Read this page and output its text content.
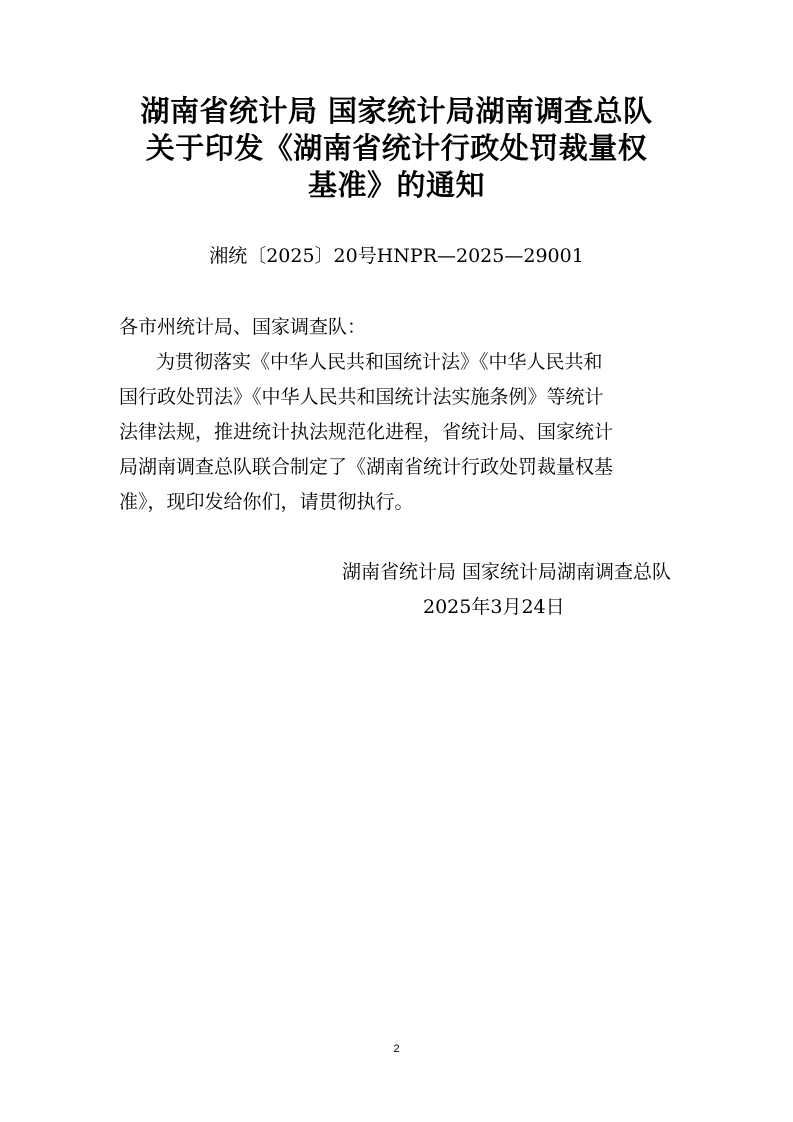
湖南省统计局 国家统计局湖南调查总队
关于印发《湖南省统计行政处罚裁量权
基准》的通知
湘统〔2025〕20号HNPR—2025—29001
各市州统计局、国家调查队：
为贯彻落实《中华人民共和国统计法》《中华人民共和
国行政处罚法》《中华人民共和国统计法实施条例》等统计
法律法规，推进统计执法规范化进程，省统计局、国家统计
局湖南调查总队联合制定了《湖南省统计行政处罚裁量权基
准》，现印发给你们，请贯彻执行。
湖南省统计局 国家统计局湖南调查总队
2025年3月24日
2
